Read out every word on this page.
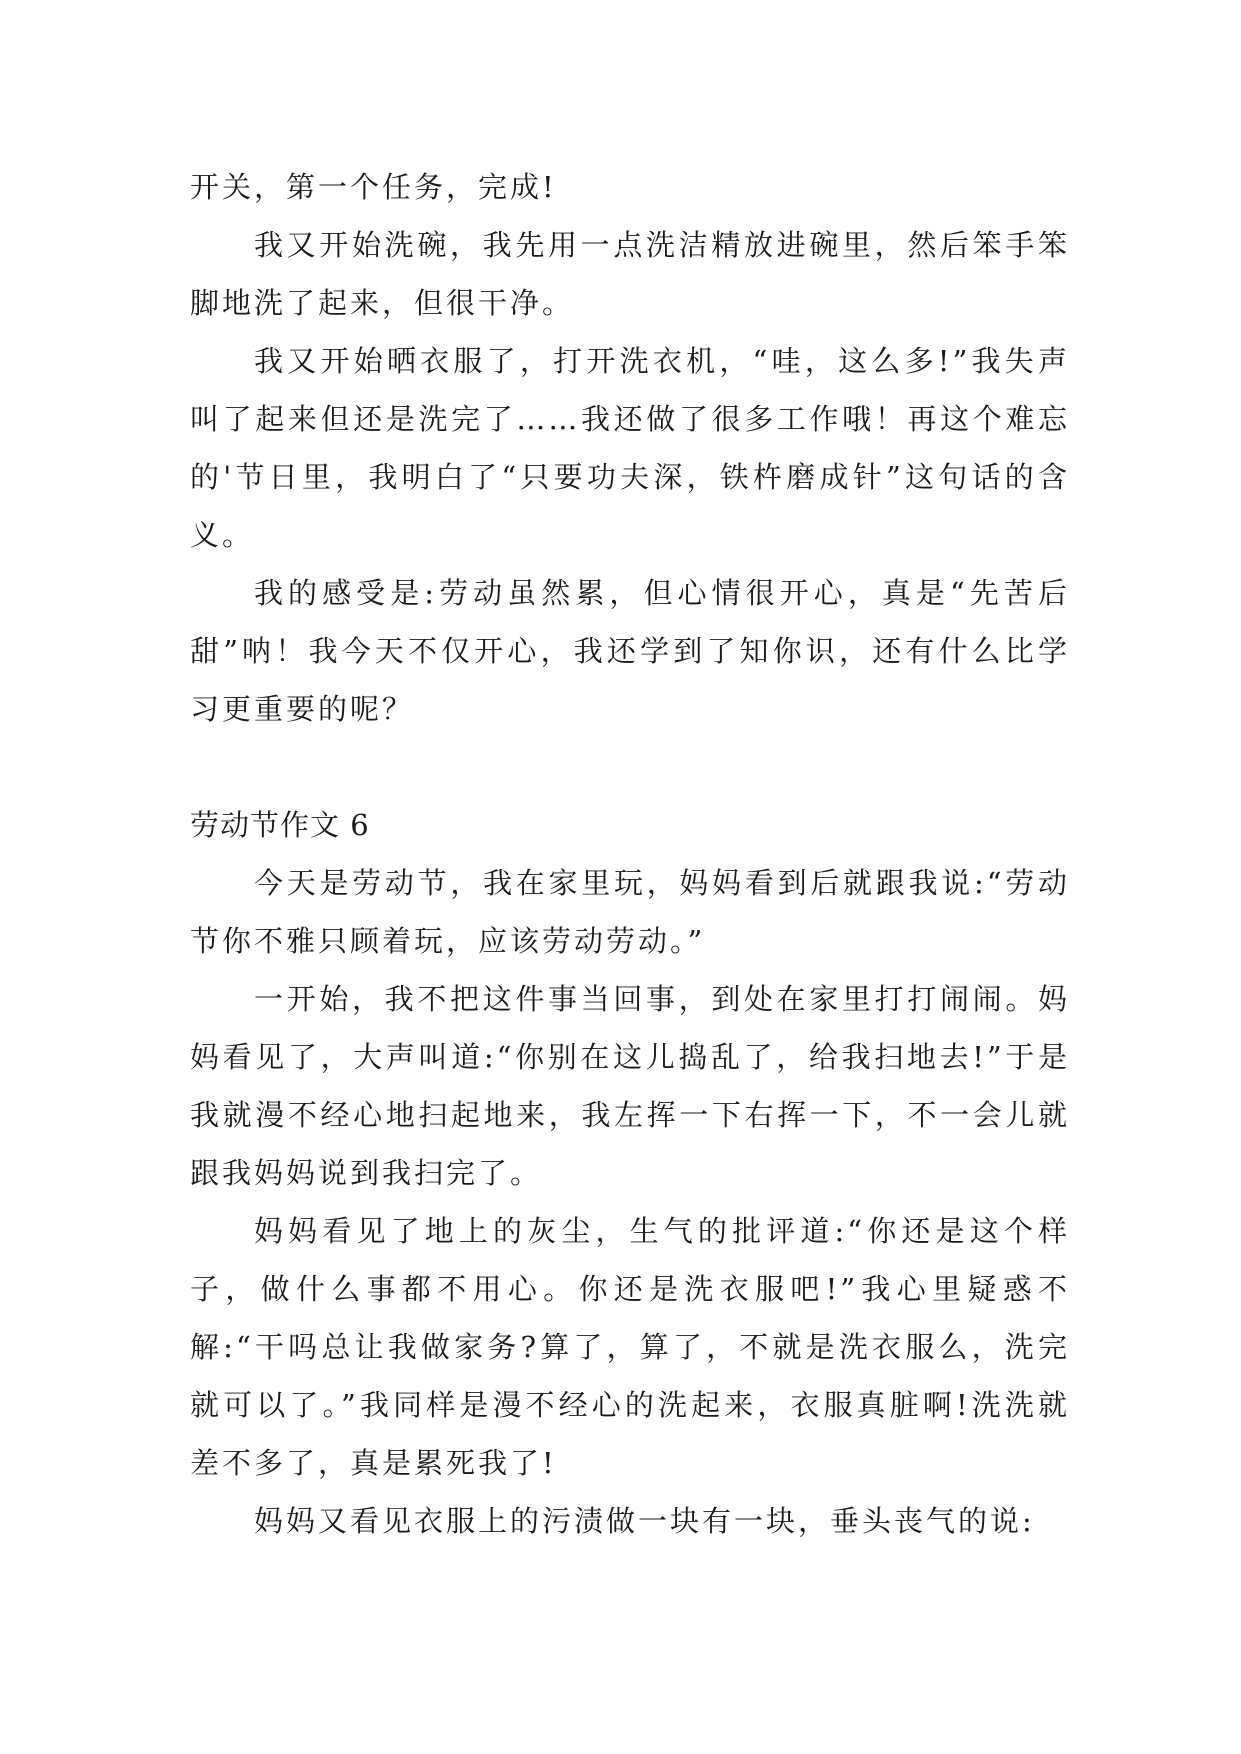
开关，第一个任务，完成!

我又开始洗碗，我先用一点洗洁精放进碗里，然后笨手笨脚地洗了起来，但很干净。

我又开始晒衣服了，打开洗衣机，“哇，这么多!”我失声叫了起来但还是洗完了……我还做了很多工作哦！再这个难忘的'节日里，我明白了“只要功夫深，铁杵磨成针”这句话的含义。

我的感受是:劳动虽然累，但心情很开心，真是“先苦后甜”呐！我今天不仅开心，我还学到了知你识，还有什么比学习更重要的呢？

劳动节作文 6

今天是劳动节，我在家里玩，妈妈看到后就跟我说:“劳动节你不雅只顾着玩，应该劳动劳动。”

一开始，我不把这件事当回事，到处在家里打打闹闹。妈妈看见了，大声叫道:“你别在这儿捣乱了，给我扫地去!”于是我就漫不经心地扫起地来，我左挥一下右挥一下，不一会儿就跟我妈妈说到我扫完了。

妈妈看见了地上的灰尘，生气的批评道:“你还是这个样子，做什么事都不用心。你还是洗衣服吧!”我心里疑惑不解:“干吗总让我做家务?算了，算了，不就是洗衣服么，洗完就可以了。”我同样是漫不经心的洗起来，衣服真脏啊!洗洗就差不多了，真是累死我了!

妈妈又看见衣服上的污渍做一块有一块，垂头丧气的说:
